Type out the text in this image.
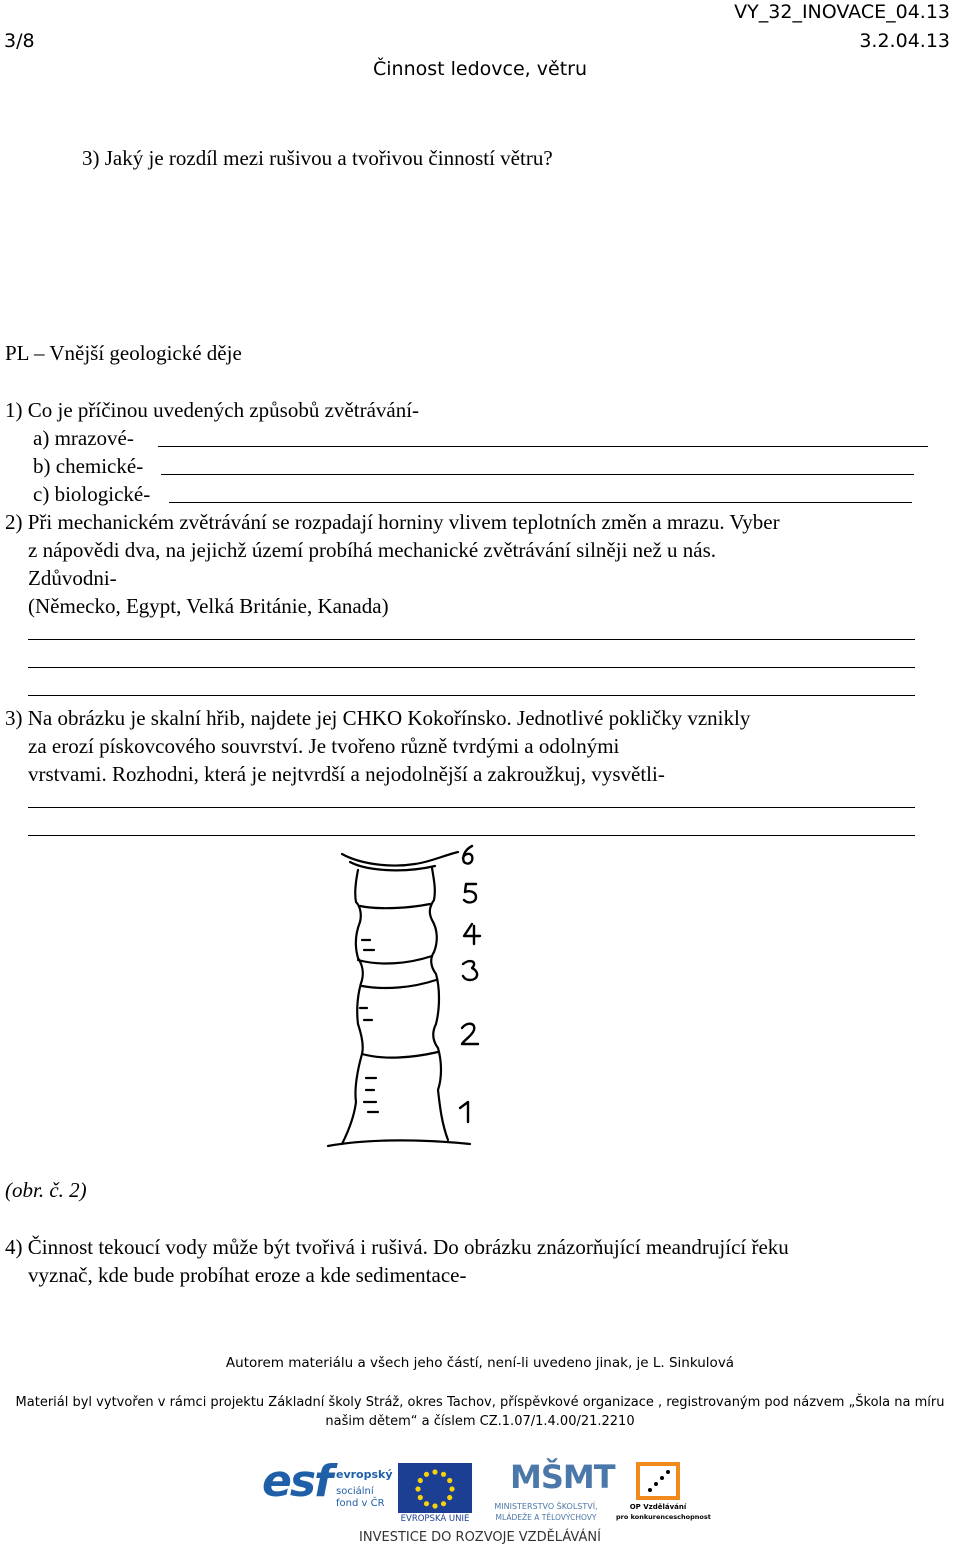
3/8
VY_32_INOVACE_04.13
3.2.04.13
Činnost ledovce, větru
3) Jaký je rozdíl mezi rušivou a tvořivou činností větru?
PL – Vnější geologické děje
1) Co je příčinou uvedených způsobů zvětrávání-
a) mrazové-
b) chemické-
c) biologické-
2) Při mechanickém zvětrávání se rozpadají horniny vlivem teplotních změn a mrazu. Vyber
z nápovědi dva, na jejichž území probíhá mechanické zvětrávání silněji než u nás.
Zdůvodni-
(Německo, Egypt, Velká Británie, Kanada)
3) Na obrázku je skalní hřib, najdete jej CHKO Kokořínsko. Jednotlivé pokličky vznikly
za erozí pískovcového souvrství. Je tvořeno různě tvrdými a odolnými
vrstvami. Rozhodni, která je nejtvrdší a nejodolnější a zakroužkuj, vysvětli-
(obr. č. 2)
4) Činnost tekoucí vody může být tvořivá i rušivá. Do obrázku znázorňující meandrující řeku
vyznač, kde bude probíhat eroze a kde sedimentace-
Autorem materiálu a všech jeho částí, není-li uvedeno jinak, je L. Sinkulová
Materiál byl vytvořen v rámci projektu Základní školy Stráž, okres Tachov, příspěvkové organizace , registrovaným pod názvem „Škola na míru
našim dětem“ a číslem CZ.1.07/1.4.00/21.2210
esf evropský
sociální
fond v ČR
EVROPSKÁ UNIE
MŠMT
MINISTERSTVO ŠKOLSTVÍ,
MLÁDEŽE A TĚLOVÝCHOVY
OP Vzdělávání
pro konkurenceschopnost
INVESTICE DO ROZVOJE VZDĚLÁVÁNÍ
